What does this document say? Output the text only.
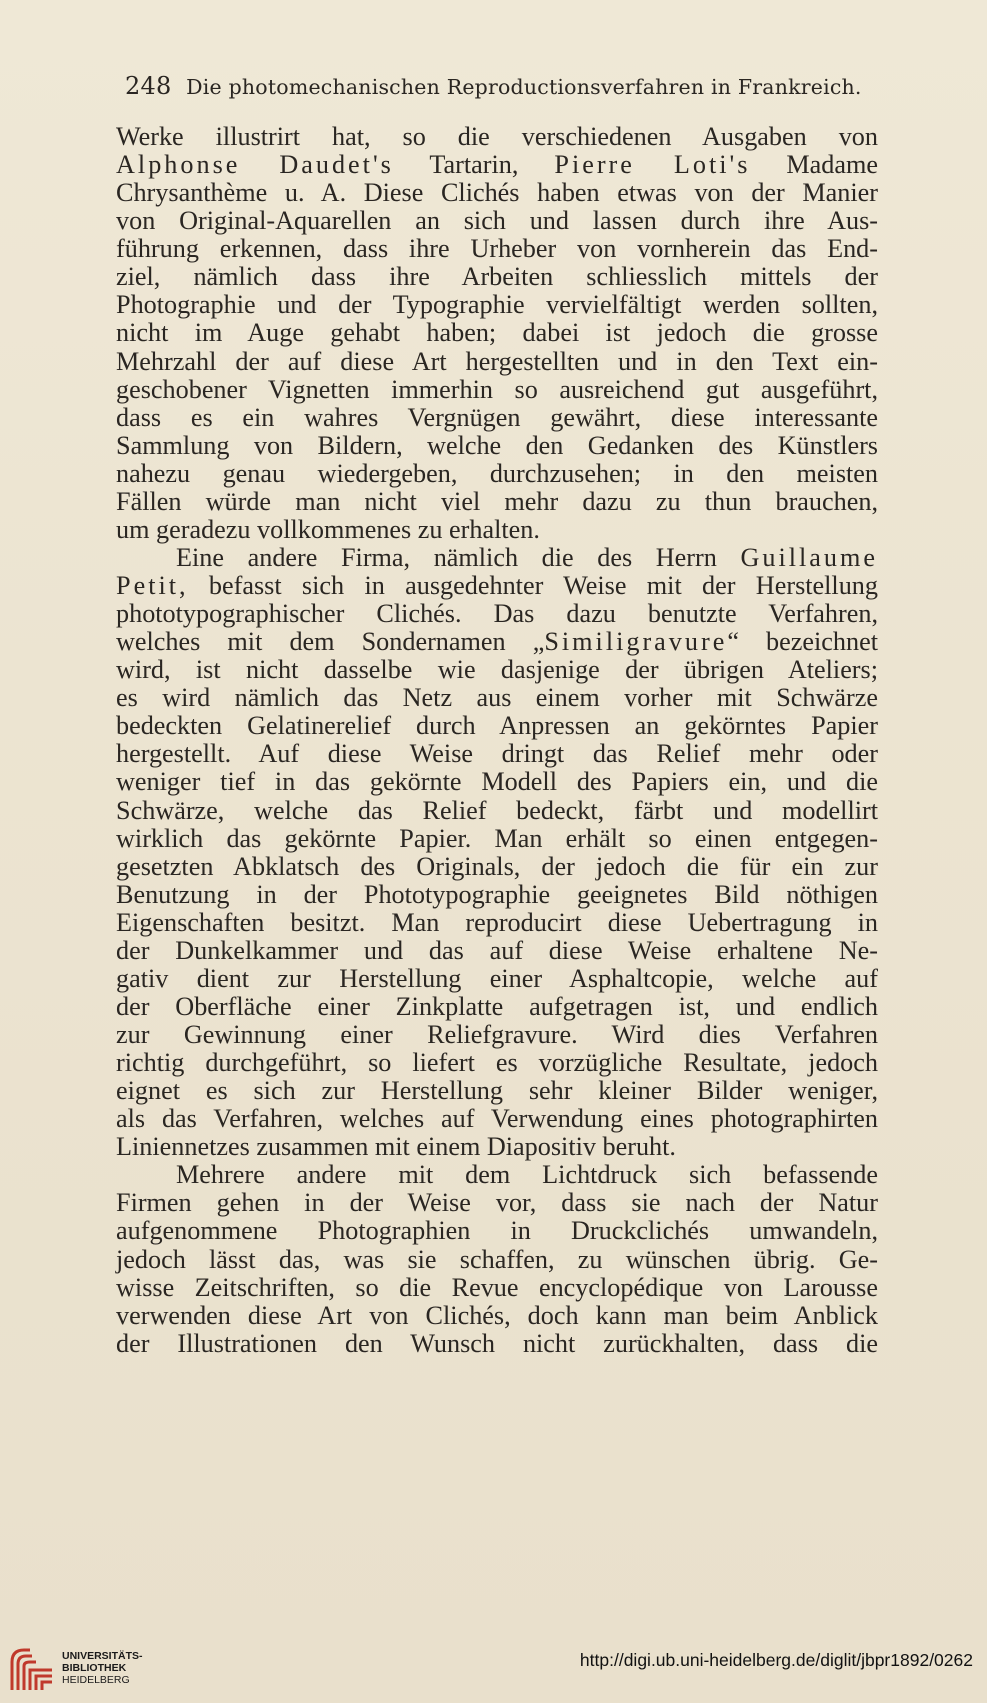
248 Die photomechanischen Reproductionsverfahren in Frankreich.
Werke illustrirt hat, so die verschiedenen Ausgaben von
Alphonse Daudet's Tartarin, Pierre Loti's Madame
Chrysanthème u. A. Diese Clichés haben etwas von der Manier
von Original-Aquarellen an sich und lassen durch ihre Aus-
führung erkennen, dass ihre Urheber von vornherein das End-
ziel, nämlich dass ihre Arbeiten schliesslich mittels der
Photographie und der Typographie vervielfältigt werden sollten,
nicht im Auge gehabt haben; dabei ist jedoch die grosse
Mehrzahl der auf diese Art hergestellten und in den Text ein-
geschobener Vignetten immerhin so ausreichend gut ausgeführt,
dass es ein wahres Vergnügen gewährt, diese interessante
Sammlung von Bildern, welche den Gedanken des Künstlers
nahezu genau wiedergeben, durchzusehen; in den meisten
Fällen würde man nicht viel mehr dazu zu thun brauchen,
um geradezu vollkommenes zu erhalten.
Eine andere Firma, nämlich die des Herrn Guillaume
Petit, befasst sich in ausgedehnter Weise mit der Herstellung
phototypographischer Clichés. Das dazu benutzte Verfahren,
welches mit dem Sondernamen „Similigravure“ bezeichnet
wird, ist nicht dasselbe wie dasjenige der übrigen Ateliers;
es wird nämlich das Netz aus einem vorher mit Schwärze
bedeckten Gelatinerelief durch Anpressen an gekörntes Papier
hergestellt. Auf diese Weise dringt das Relief mehr oder
weniger tief in das gekörnte Modell des Papiers ein, und die
Schwärze, welche das Relief bedeckt, färbt und modellirt
wirklich das gekörnte Papier. Man erhält so einen entgegen-
gesetzten Abklatsch des Originals, der jedoch die für ein zur
Benutzung in der Phototypographie geeignetes Bild nöthigen
Eigenschaften besitzt. Man reproducirt diese Uebertragung in
der Dunkelkammer und das auf diese Weise erhaltene Ne-
gativ dient zur Herstellung einer Asphaltcopie, welche auf
der Oberfläche einer Zinkplatte aufgetragen ist, und endlich
zur Gewinnung einer Reliefgravure. Wird dies Verfahren
richtig durchgeführt, so liefert es vorzügliche Resultate, jedoch
eignet es sich zur Herstellung sehr kleiner Bilder weniger,
als das Verfahren, welches auf Verwendung eines photographirten
Liniennetzes zusammen mit einem Diapositiv beruht.
Mehrere andere mit dem Lichtdruck sich befassende
Firmen gehen in der Weise vor, dass sie nach der Natur
aufgenommene Photographien in Druckclichés umwandeln,
jedoch lässt das, was sie schaffen, zu wünschen übrig. Ge-
wisse Zeitschriften, so die Revue encyclopédique von Larousse
verwenden diese Art von Clichés, doch kann man beim Anblick
der Illustrationen den Wunsch nicht zurückhalten, dass die
UNIVERSITÄTS-
BIBLIOTHEK
HEIDELBERG
http://digi.ub.uni-heidelberg.de/diglit/jbpr1892/0262
